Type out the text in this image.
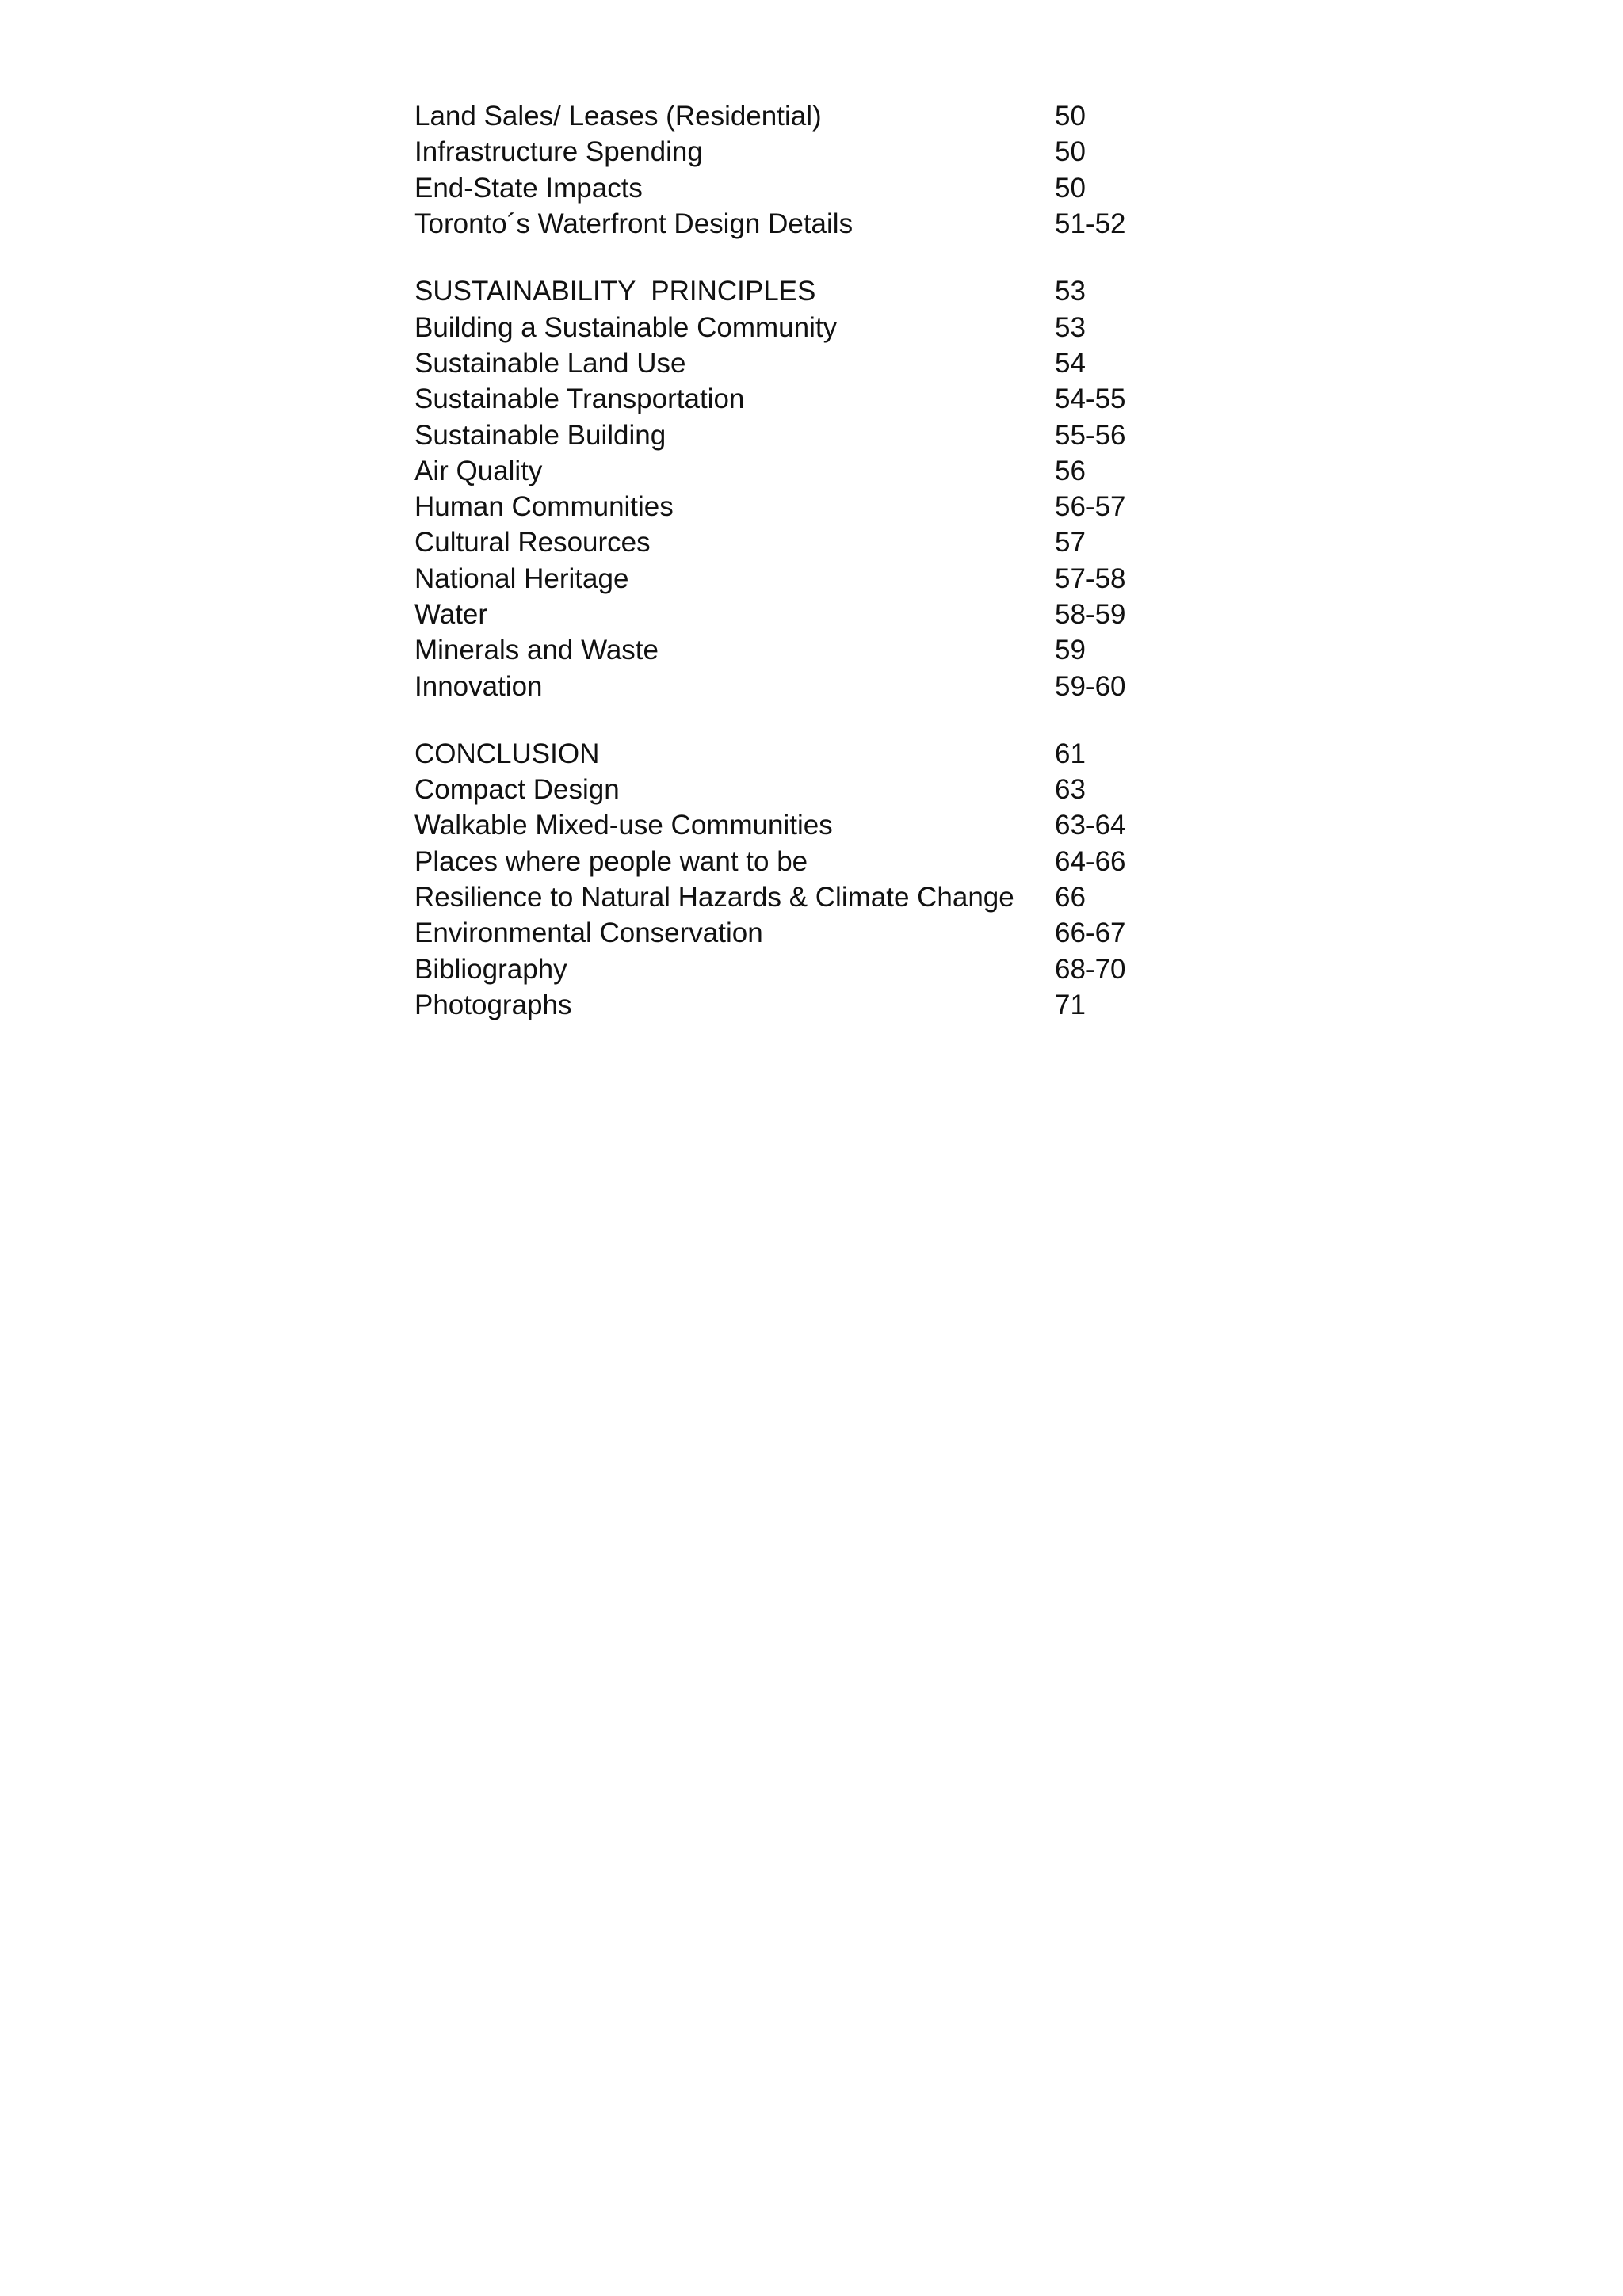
Land Sales/ Leases (Residential)	50
Infrastructure Spending	50
End-State Impacts	50
Toronto´s Waterfront Design Details	51-52
SUSTAINABILITY  PRINCIPLES	53
Building a Sustainable Community	53
Sustainable Land Use	54
Sustainable Transportation	54-55
Sustainable Building	55-56
Air Quality	56
Human Communities	56-57
Cultural Resources	57
National Heritage	57-58
Water	58-59
Minerals and Waste	59
Innovation	59-60
CONCLUSION	61
Compact Design	63
Walkable Mixed-use Communities	63-64
Places where people want to be	64-66
Resilience to Natural Hazards & Climate Change	66
Environmental Conservation	66-67
Bibliography	68-70
Photographs	71
